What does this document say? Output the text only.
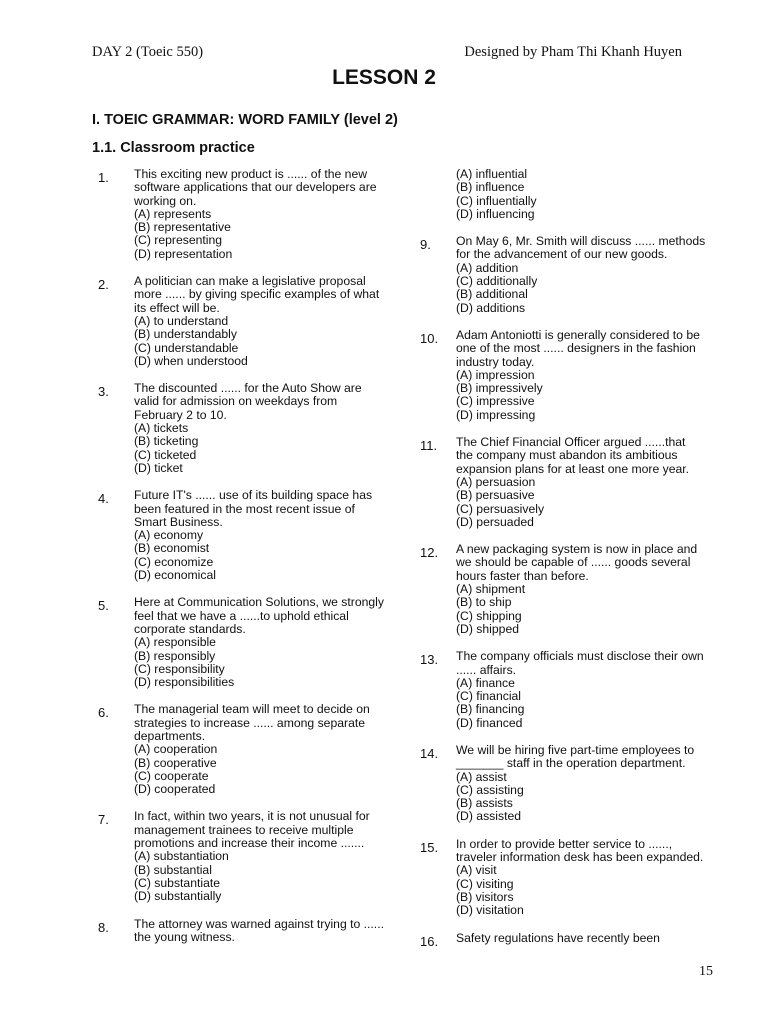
DAY 2 (Toeic 550)	Designed by Pham Thi Khanh Huyen
LESSON 2
I. TOEIC GRAMMAR: WORD FAMILY (level 2)
1.1. Classroom practice
1.	This exciting new product is ...... of the new
software applications that our developers are
working on.
(A) represents
(B) representative
(C) representing
(D) representation
2.	A politician can make a legislative proposal
more ...... by giving specific examples of what
its effect will be.
(A) to understand
(B) understandably
(C) understandable
(D) when understood
3.	The discounted ...... for the Auto Show are
valid for admission on weekdays from
February 2 to 10.
(A) tickets
(B) ticketing
(C) ticketed
(D) ticket
4.	Future IT's ...... use of its building space has
been featured in the most recent issue of
Smart Business.
(A) economy
(B) economist
(C) economize
(D) economical
5.	Here at Communication Solutions, we strongly
feel that we have a ......to uphold ethical
corporate standards.
(A) responsible
(B) responsibly
(C) responsibility
(D) responsibilities
6.	The managerial team will meet to decide on
strategies to increase ...... among separate
departments.
(A) cooperation
(B) cooperative
(C) cooperate
(D) cooperated
7.	In fact, within two years, it is not unusual for
management trainees to receive multiple
promotions and increase their income .......
(A) substantiation
(B) substantial
(C) substantiate
(D) substantially
8.	The attorney was warned against trying to ......
the young witness.
(A) influential
(B) influence
(C) influentially
(D) influencing
9.	On May 6, Mr. Smith will discuss ...... methods
for the advancement of our new goods.
(A) addition
(C) additionally
(B) additional
(D) additions
10.	Adam Antoniotti is generally considered to be
one of the most ...... designers in the fashion
industry today.
(A) impression
(B) impressively
(C) impressive
(D) impressing
11.	The Chief Financial Officer argued ......that
the company must abandon its ambitious
expansion plans for at least one more year.
(A) persuasion
(B) persuasive
(C) persuasively
(D) persuaded
12.	A new packaging system is now in place and
we should be capable of ...... goods several
hours faster than before.
(A) shipment
(B) to ship
(C) shipping
(D) shipped
13.	The company officials must disclose their own
...... affairs.
(A) finance
(C) financial
(B) financing
(D) financed
14.	We will be hiring five part-time employees to
_______ staff in the operation department.
(A) assist
(C) assisting
(B) assists
(D) assisted
15.	In order to provide better service to ......,
traveler information desk has been expanded.
(A) visit
(C) visiting
(B) visitors
(D) visitation
16.	Safety regulations have recently been
15
